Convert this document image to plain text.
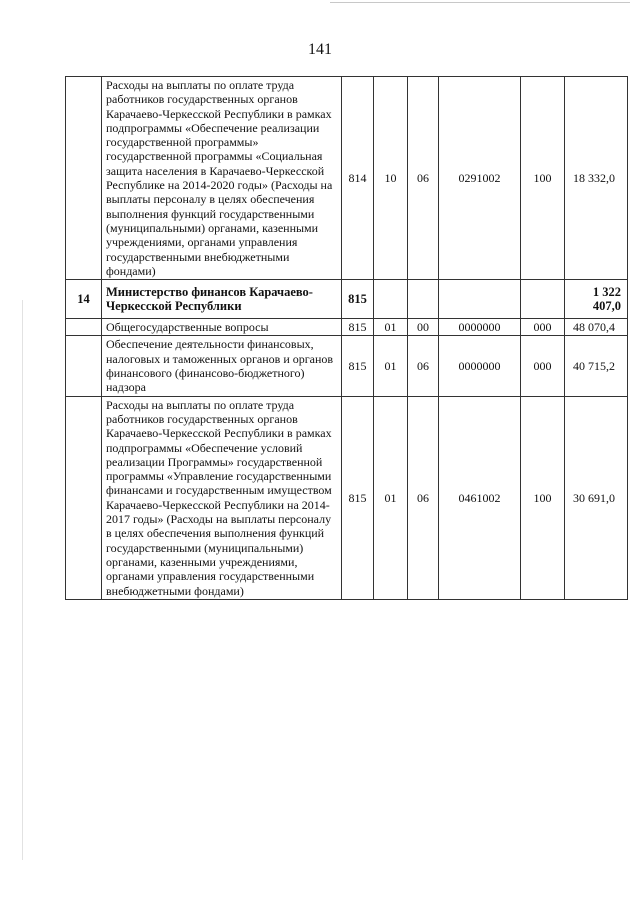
141
	Расходы на выплаты по оплате труда работников государственных органов Карачаево-Черкесской Республики в рамках подпрограммы «Обеспечение реализации государственной программы» государственной программы «Социальная защита населения в Карачаево-Черкесской Республике на 2014-2020 годы» (Расходы на выплаты персоналу в целях обеспечения выполнения функций государственными (муниципальными) органами, казенными учреждениями, органами управления государственными внебюджетными фондами)	814	10	06	0291002	100	18 332,0
14	Министерство финансов Карачаево-Черкесской Республики	815					1 322 407,0
	Общегосударственные вопросы	815	01	00	0000000	000	48 070,4
	Обеспечение деятельности финансовых, налоговых и таможенных органов и органов финансового (финансово-бюджетного) надзора	815	01	06	0000000	000	40 715,2
	Расходы на выплаты по оплате труда работников государственных органов Карачаево-Черкесской Республики в рамках подпрограммы «Обеспечение условий реализации Программы» государственной программы «Управление государственными финансами и государственным имуществом Карачаево-Черкесской Республики на 2014-2017 годы» (Расходы на выплаты персоналу в целях обеспечения выполнения функций государственными (муниципальными) органами, казенными учреждениями, органами управления государственными внебюджетными фондами)	815	01	06	0461002	100	30 691,0
